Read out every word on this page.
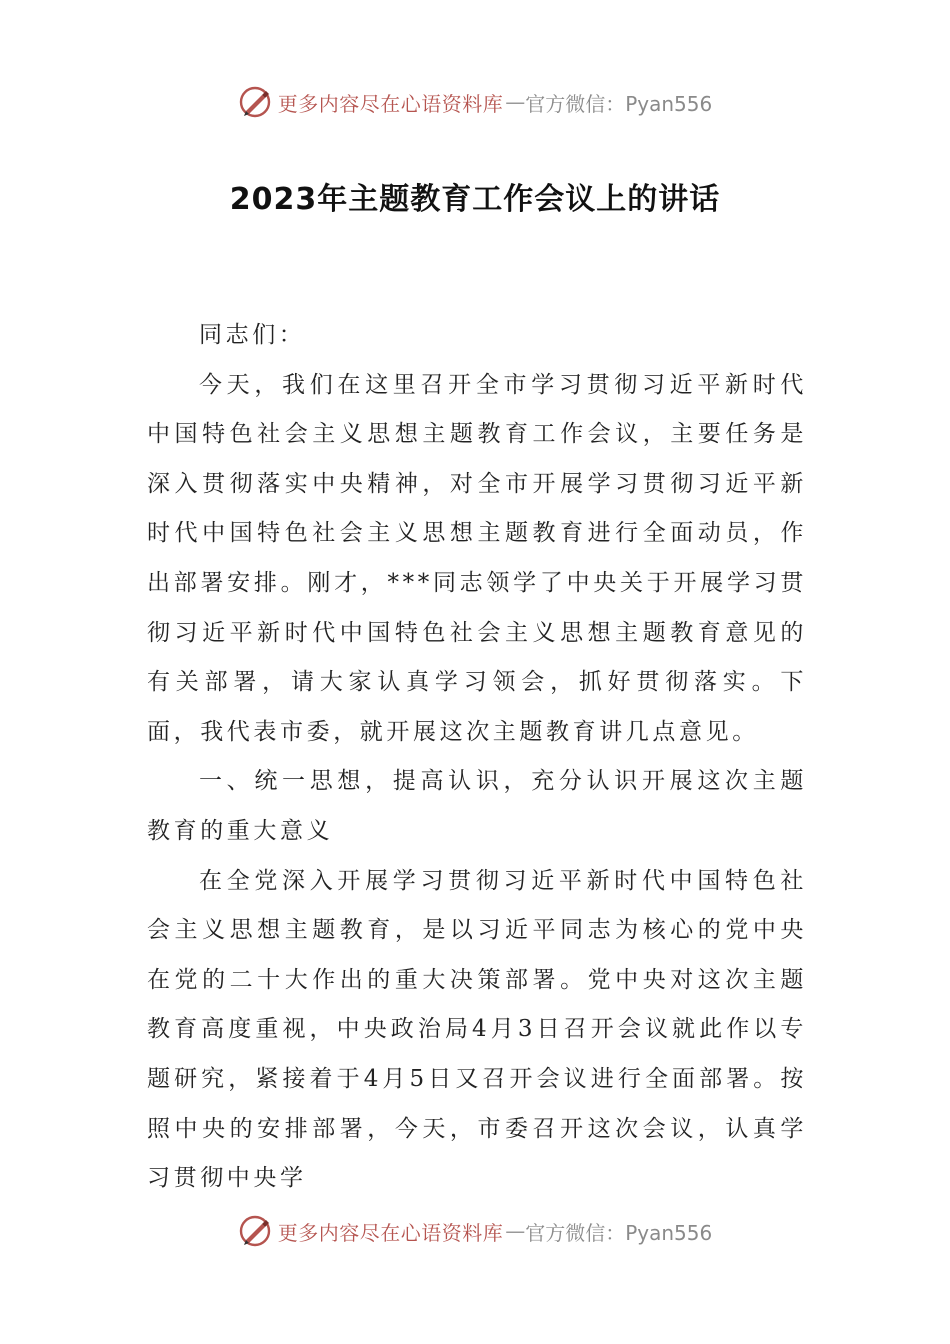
更多内容尽在心语资料库 — 官方微信：Pyan556
2023年主题教育工作会议上的讲话

同志们：

今天，我们在这里召开全市学习贯彻习近平新时代中国特色社会主义思想主题教育工作会议，主要任务是深入贯彻落实中央精神，对全市开展学习贯彻习近平新时代中国特色社会主义思想主题教育进行全面动员，作出部署安排。刚才，***同志领学了中央关于开展学习贯彻习近平新时代中国特色社会主义思想主题教育意见的有关部署，请大家认真学习领会，抓好贯彻落实。下面，我代表市委，就开展这次主题教育讲几点意见。

一、统一思想，提高认识，充分认识开展这次主题教育的重大意义

在全党深入开展学习贯彻习近平新时代中国特色社会主义思想主题教育，是以习近平同志为核心的党中央在党的二十大作出的重大决策部署。党中央对这次主题教育高度重视，中央政治局4月3日召开会议就此作以专题研究，紧接着于4月5日又召开会议进行全面部署。按照中央的安排部署，今天，市委召开这次会议，认真学习贯彻中央学

更多内容尽在心语资料库 — 官方微信：Pyan556
